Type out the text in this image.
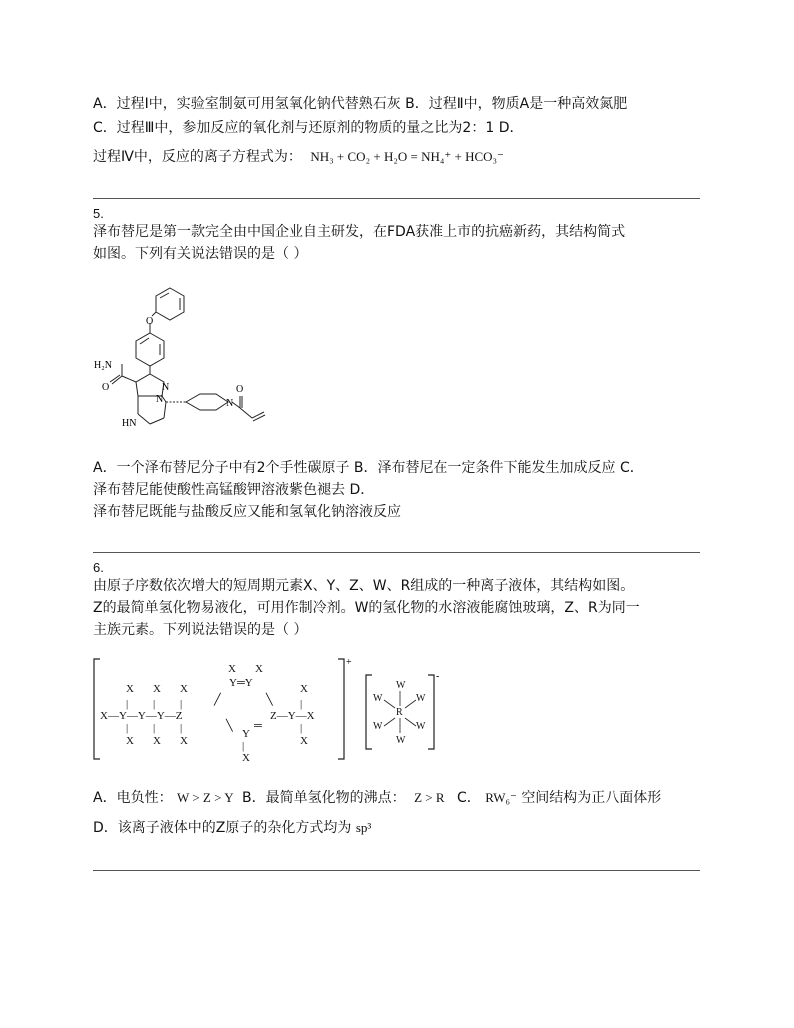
A．过程Ⅰ中，实验室制氨可用氢氧化钠代替熟石灰 B．过程Ⅱ中，物质A是一种高效氮肥
C．过程Ⅲ中，参加反应的氧化剂与还原剂的物质的量之比为2：1 D．
过程Ⅳ中，反应的离子方程式为： NH₃ + CO₂ + H₂O = NH₄⁺ + HCO₃⁻
5.
泽布替尼是第一款完全由中国企业自主研发，在FDA获准上市的抗癌新药，其结构简式
如图。下列有关说法错误的是（ ）
O
H₂N
O	N
N
HN
N
O
A．一个泽布替尼分子中有2个手性碳原子 B．泽布替尼在一定条件下能发生加成反应 C．
泽布替尼能使酸性高锰酸钾溶液紫色褪去 D．
泽布替尼既能与盐酸反应又能和氢氧化钠溶液反应
6.
由原子序数依次增大的短周期元素X、Y、Z、W、R组成的一种离子液体，其结构如图。
Z的最简单氢化物易液化，可用作制冷剂。W的氢化物的水溶液能腐蚀玻璃，Z、R为同一
主族元素。下列说法错误的是（ ）
X—Y—Y—Y—Z
X X X
| | |
| | |
X X X
X X
Y═Y
╱	╲
Z—Y—X
X
|
|
X
╲ ═
Y
|
X
W
W	W
R
W	W
W
+
-
A．电负性： W > Z > Y B．最简单氢化物的沸点： Z > R C． RW₆⁻ 空间结构为正八面体形
D．该离子液体中的Z原子的杂化方式均为 sp³
